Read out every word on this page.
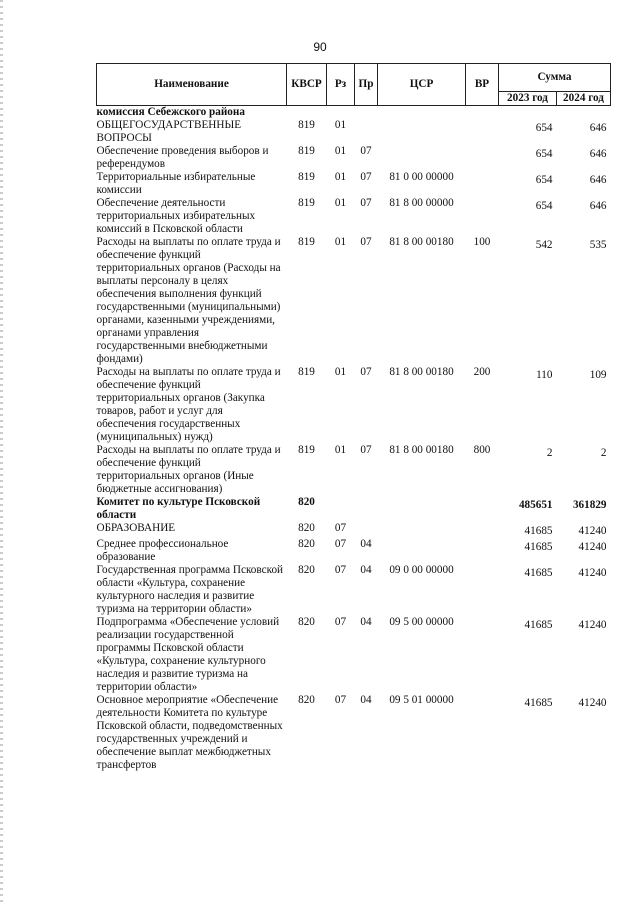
90
Наименование	КВСР	Рз	Пр	ЦСР	ВР	Сумма	
						2023 год	2024 год
комиссия Себежского района							
ОБЩЕГОСУДАРСТВЕННЫЕ ВОПРОСЫ	819	01				654	646
Обеспечение проведения выборов и референдумов	819	01	07			654	646
Территориальные избирательные комиссии	819	01	07	81 0 00 00000		654	646
Обеспечение деятельности территориальных избирательных комиссий в Псковской области	819	01	07	81 8 00 00000		654	646
Расходы на выплаты по оплате труда и обеспечение функций территориальных органов (Расходы на выплаты персоналу в целях обеспечения выполнения функций государственными (муниципальными) органами, казенными учреждениями, органами управления государственными внебюджетными фондами)	819	01	07	81 8 00 00180	100	542	535
Расходы на выплаты по оплате труда и обеспечение функций территориальных органов (Закупка товаров, работ и услуг для обеспечения государственных (муниципальных) нужд)	819	01	07	81 8 00 00180	200	110	109
Расходы на выплаты по оплате труда и обеспечение функций территориальных органов (Иные бюджетные ассигнования)	819	01	07	81 8 00 00180	800	2	2
Комитет по культуре Псковской области	820					485651	361829
ОБРАЗОВАНИЕ	820	07				41685	41240
Среднее профессиональное образование	820	07	04			41685	41240
Государственная программа Псковской области «Культура, сохранение культурного наследия и развитие туризма на территории области»	820	07	04	09 0 00 00000		41685	41240
Подпрограмма «Обеспечение условий реализации государственной программы Псковской области «Культура, сохранение культурного наследия и развитие туризма на территории области»	820	07	04	09 5 00 00000		41685	41240
Основное мероприятие «Обеспечение деятельности Комитета по культуре Псковской области, подведомственных государственных учреждений и обеспечение выплат межбюджетных трансфертов	820	07	04	09 5 01 00000		41685	41240
